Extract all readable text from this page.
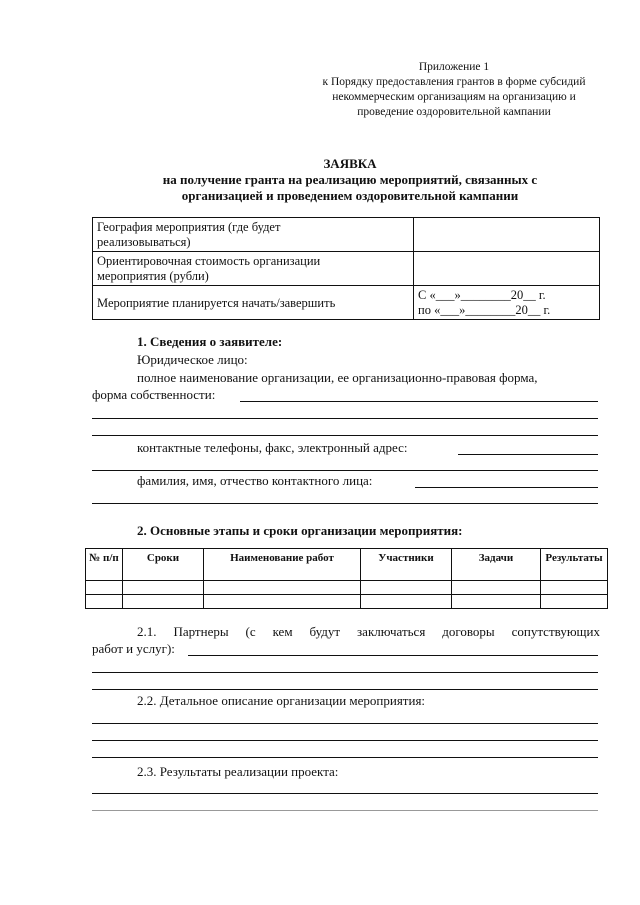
Приложение 1
к Порядку предоставления грантов в форме субсидий
некоммерческим организациям на организацию и
проведение оздоровительной кампании
ЗАЯВКА
на получение гранта на реализацию мероприятий, связанных с
организацией и проведением оздоровительной кампании
География мероприятия (где будет
реализовываться)	

Ориентировочная стоимость организации
мероприятия (рубли)	

Мероприятие планируется начать/завершить	С «___»________20__ г.
по «___»________20__ г.
1. Сведения о заявителе:
Юридическое лицо:
полное наименование организации, ее организационно-правовая форма,
форма собственности:
контактные телефоны, факс, электронный адрес:
фамилия, имя, отчество контактного лица:
2. Основные этапы и сроки организации мероприятия:
№ п/п	Сроки	Наименование работ	Участники	Задачи	Результаты

2.1. Партнеры (с кем будут заключаться договоры сопутствующих
работ и услуг):
2.2. Детальное описание организации мероприятия:
2.3. Результаты реализации проекта:
